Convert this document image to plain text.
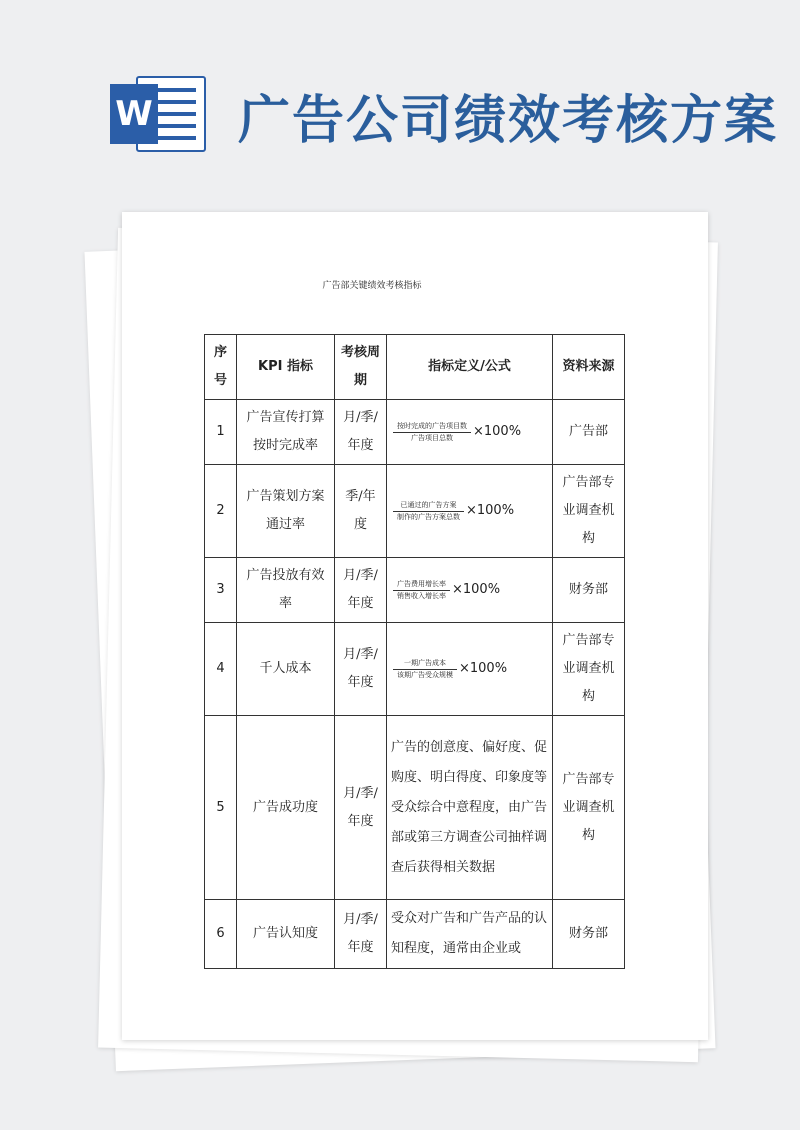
W 广告公司绩效考核方案
广告部关键绩效考核指标
序号	KPI 指标	考核周期	指标定义/公式	资料来源
1	广告宣传打算按时完成率	月/季/年度	$\frac{\text{按时完成的广告项目数}}{\text{广告项目总数}} \times 100\%$	广告部
2	广告策划方案通过率	季/年度	$\frac{\text{已通过的广告方案}}{\text{制作的广告方案总数}} \times 100\%$	广告部专业调查机构
3	广告投放有效率	月/季/年度	$\frac{\text{广告费用增长率}}{\text{销售收入增长率}} \times 100\%$	财务部
4	千人成本	月/季/年度	$\frac{\text{一期广告成本}}{\text{该期广告受众规模}} \times 100\%$	广告部专业调查机构
5	广告成功度	月/季/年度	广告的创意度、偏好度、促购度、明白得度、印象度等受众综合中意程度，由广告部或第三方调查公司抽样调查后获得相关数据	广告部专业调查机构
6	广告认知度	月/季/年度	受众对广告和广告产品的认知程度，通常由企业或	财务部
